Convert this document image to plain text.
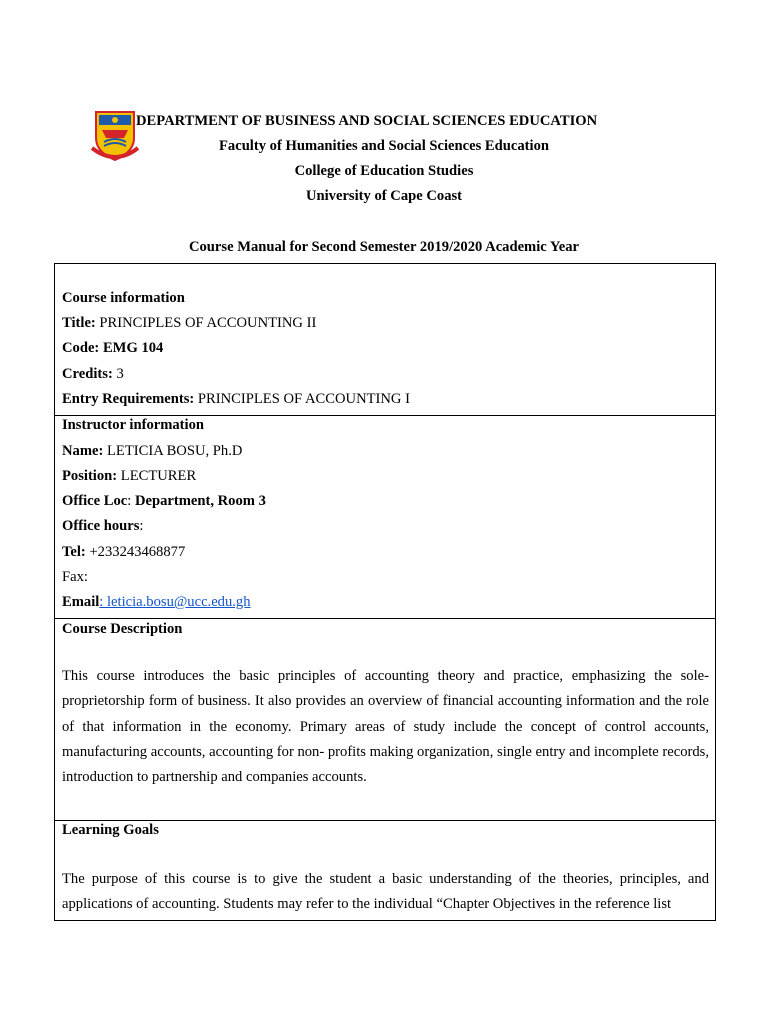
DEPARTMENT OF BUSINESS AND SOCIAL SCIENCES EDUCATION
Faculty of Humanities and Social Sciences Education
College of Education Studies
University of Cape Coast
Course Manual for Second Semester 2019/2020 Academic Year
Course information
Title: PRINCIPLES OF ACCOUNTING II
Code: EMG 104
Credits: 3
Entry Requirements: PRINCIPLES OF ACCOUNTING I
Instructor information
Name: LETICIA BOSU, Ph.D
Position: LECTURER
Office Loc: Department, Room 3
Office hours:
Tel: +233243468877
Fax:
Email: leticia.bosu@ucc.edu.gh
Course Description
This course introduces the basic principles of accounting theory and practice, emphasizing the sole-proprietorship form of business. It also provides an overview of financial accounting information and the role of that information in the economy. Primary areas of study include the concept of control accounts, manufacturing accounts, accounting for non- profits making organization, single entry and incomplete records, introduction to partnership and companies accounts.
Learning Goals
The purpose of this course is to give the student a basic understanding of the theories, principles, and applications of accounting. Students may refer to the individual “Chapter Objectives in the reference list
